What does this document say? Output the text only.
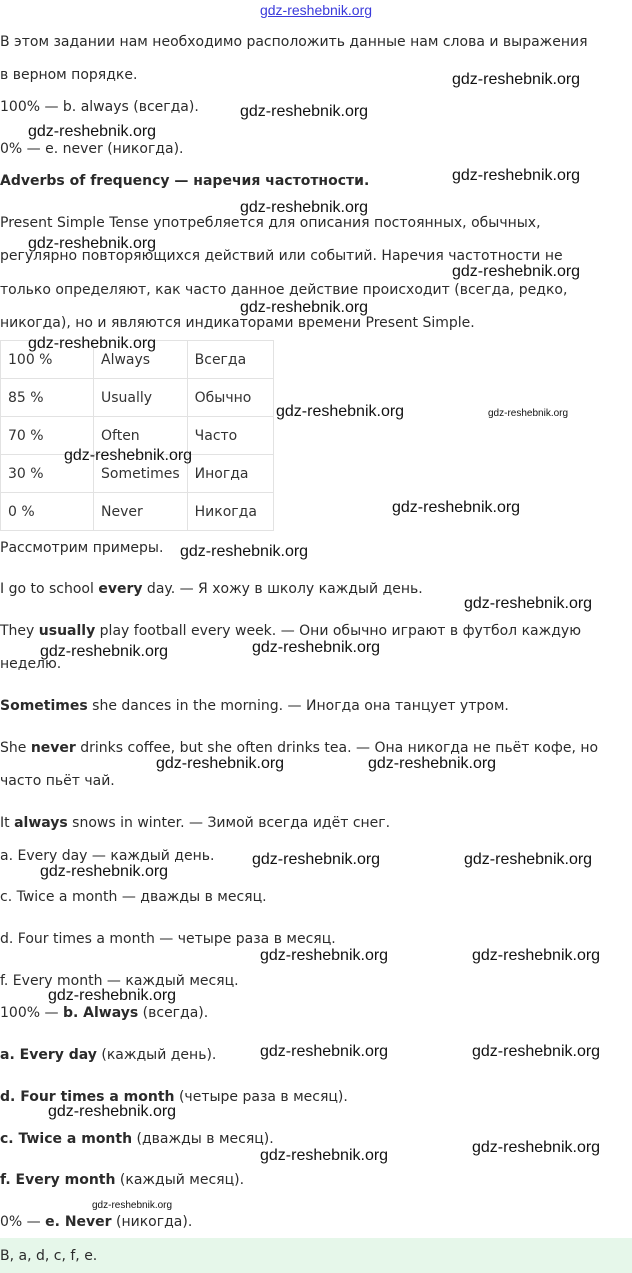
gdz-reshebnik.org
В этом задании нам необходимо расположить данные нам слова и выражения
в верном порядке.
100% — b. always (всегда).
0% — e. never (никогда).
Adverbs of frequency — наречия частотности.
Present Simple Tense употребляется для описания постоянных, обычных,
регулярно повторяющихся действий или событий. Наречия частотности не
только определяют, как часто данное действие происходит (всегда, редко,
никогда), но и являются индикаторами времени Present Simple.
100 %	Always	Всегда
85 %	Usually	Обычно
70 %	Often	Часто
30 %	Sometimes	Иногда
0 %	Never	Никогда
Рассмотрим примеры.
I go to school every day. — Я хожу в школу каждый день.
They usually play football every week. — Они обычно играют в футбол каждую
неделю.
Sometimes she dances in the morning. — Иногда она танцует утром.
She never drinks coffee, but she often drinks tea. — Она никогда не пьёт кофе, но
часто пьёт чай.
It always snows in winter. — Зимой всегда идёт снег.
a. Every day — каждый день.
c. Twice a month — дважды в месяц.
d. Four times a month — четыре раза в месяц.
f. Every month — каждый месяц.
100% — b. Always (всегда).
a. Every day (каждый день).
d. Four times a month (четыре раза в месяц).
c. Twice a month (дважды в месяц).
f. Every month (каждый месяц).
0% — e. Never (никогда).
B, a, d, c, f, e.
gdz-reshebnik.org
gdz-reshebnik.org
gdz-reshebnik.org
gdz-reshebnik.org
gdz-reshebnik.org
gdz-reshebnik.org
gdz-reshebnik.org
gdz-reshebnik.org
gdz-reshebnik.org
gdz-reshebnik.org	gdz-reshebnik.org
gdz-reshebnik.org
gdz-reshebnik.org
gdz-reshebnik.org
gdz-reshebnik.org
gdz-reshebnik.org
gdz-reshebnik.org
gdz-reshebnik.org	gdz-reshebnik.org
gdz-reshebnik.org	gdz-reshebnik.org
gdz-reshebnik.org
gdz-reshebnik.org	gdz-reshebnik.org
gdz-reshebnik.org
gdz-reshebnik.org	gdz-reshebnik.org
gdz-reshebnik.org
gdz-reshebnik.org
gdz-reshebnik.org
gdz-reshebnik.org
